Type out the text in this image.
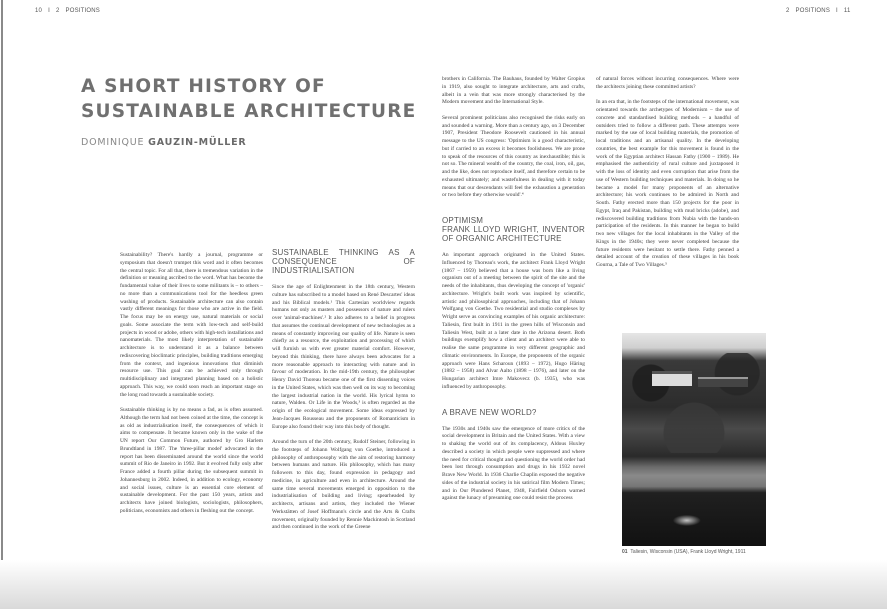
10 I 2 POSITIONS	2 POSITIONS I 11
A SHORT HISTORY OF
SUSTAINABLE ARCHITECTURE
DOMINIQUE GAUZIN-MÜLLER

Sustainability? There's hardly a journal, programme or symposium that doesn't trumpet this word and it often becomes the central topic. For all that, there is tremendous variation in the definition or meaning ascribed to the word. What has become the fundamental value of their lives to some militants is – to others – no more than a communications tool for the heedless green washing of products. Sustainable architecture can also contain vastly different meanings for those who are active in the field. The focus may be on energy use, natural materials or social goals. Some associate the term with low-tech and self-build projects in wood or adobe, others with high-tech installations and nanomaterials. The most likely interpretation of sustainable architecture is to understand it as a balance between rediscovering bioclimatic principles, building traditions emerging from the context, and ingenious innovations that diminish resource use. This goal can be achieved only through multidisciplinary and integrated planning based on a holistic approach. This way, we could soon reach an important stage on the long road towards a sustainable society.

Sustainable thinking is by no means a fad, as is often assumed. Although the term had not been coined at the time, the concept is as old as industrialisation itself, the consequences of which it aims to compensate. It became known only in the wake of the UN report Our Common Future, authored by Gro Harlem Brundtland in 1987. The 'three-pillar model' advocated in the report has been disseminated around the world since the world summit of Rio de Janeiro in 1992. But it evolved fully only after France added a fourth pillar during the subsequent summit in Johannesburg in 2002. Indeed, in addition to ecology, economy and social issues, culture is an essential core element of sustainable development. For the past 150 years, artists and architects have joined biologists, sociologists, philosophers, politicians, economists and others in fleshing out the concept.

SUSTAINABLE THINKING AS A CONSEQUENCE OF INDUSTRIALISATION

Since the age of Enlightenment in the 18th century, Western culture has subscribed to a model based on René Descartes' ideas and his Biblical models.¹ This Cartesian worldview regards humans not only as masters and possessors of nature and rulers over 'animal-machines'.² It also adheres to a belief in progress that assumes the continual development of new technologies as a means of constantly improving our quality of life. Nature is seen chiefly as a resource, the exploitation and processing of which will furnish us with ever greater material comfort. However, beyond this thinking, there have always been advocates for a more reasonable approach to interacting with nature and in favour of moderation. In the mid-19th century, the philosopher Henry David Thoreau became one of the first dissenting voices in the United States, which was then well on its way to becoming the largest industrial nation in the world. His lyrical hymn to nature, Walden. Or Life in the Woods,³ is often regarded as the origin of the ecological movement. Some ideas expressed by Jean-Jacques Rousseau and the proponents of Romanticism in Europe also found their way into this body of thought.

Around the turn of the 20th century, Rudolf Steiner, following in the footsteps of Johann Wolfgang von Goethe, introduced a philosophy of anthroposophy with the aim of restoring harmony between humans and nature. His philosophy, which has many followers to this day, found expression in pedagogy and medicine, in agriculture and even in architecture. Around the same time several movements emerged in opposition to the industrialisation of building and living; spearheaded by architects, artisans and artists, they included the Wiener Werkstätten of Josef Hoffmann's circle and the Arts & Crafts movement, originally founded by Rennie Mackintosh in Scotland and then continued in the work of the Greene

brothers in California. The Bauhaus, founded by Walter Gropius in 1919, also sought to integrate architecture, arts and crafts, albeit in a vein that was more strongly characterised by the Modern movement and the International Style.

Several prominent politicians also recognised the risks early on and sounded a warning. More than a century ago, on 3 December 1907, President Theodore Roosevelt cautioned in his annual message to the US congress: 'Optimism is a good characteristic, but if carried to an excess it becomes foolishness. We are prone to speak of the resources of this country as inexhaustible; this is not so. The mineral wealth of the country, the coal, iron, oil, gas, and the like, does not reproduce itself, and therefore certain to be exhausted ultimately; and wastefulness in dealing with it today means that our descendants will feel the exhaustion a generation or two before they otherwise would'.⁴

OPTIMISM
FRANK LLOYD WRIGHT, INVENTOR OF ORGANIC ARCHITECTURE

An important approach originated in the United States. Influenced by Thoreau's work, the architect Frank Lloyd Wright (1867 – 1959) believed that a house was born like a living organism out of a meeting between the spirit of the site and the needs of the inhabitants, thus developing the concept of 'organic' architecture. Wright's built work was inspired by scientific, artistic and philosophical approaches, including that of Johann Wolfgang von Goethe. Two residential and studio complexes by Wright serve as convincing examples of his organic architecture: Taliesin, first built in 1911 in the green hills of Wisconsin and Taliesin West, built at a later date in the Arizona desert. Both buildings exemplify how a client and an architect were able to realise the same programme in very different geographic and climatic environments. In Europe, the proponents of the organic approach were Hans Scharoun (1893 – 1972), Hugo Häring (1882 – 1958) and Alvar Aalto (1898 – 1976), and later on the Hungarian architect Imre Makovecz (b. 1935), who was influenced by anthroposophy.

A BRAVE NEW WORLD?

The 1930s and 1940s saw the emergence of more critics of the social development in Britain and the United States. With a view to shaking the world out of its complacency, Aldous Huxley described a society in which people were suppressed and where the need for critical thought and questioning the world order had been lost through consumption and drugs in his 1932 novel Brave New World. In 1936 Charlie Chaplin exposed the negative sides of the industrial society in his satirical film Modern Times; and in Our Plundered Planet, 1948, Fairfield Osborn warned against the lunacy of presuming one could resist the process

of natural forces without incurring consequences. Where were the architects joining these committed artists?

In an era that, in the footsteps of the international movement, was orientated towards the archetypes of Modernism – the use of concrete and standardised building methods – a handful of outsiders tried to follow a different path. These attempts were marked by the use of local building materials, the promotion of local traditions and an artisanal quality. In the developing countries, the best example for this movement is found in the work of the Egyptian architect Hassan Fathy (1900 – 1989). He emphasised the authenticity of rural culture and juxtaposed it with the loss of identity and even corruption that arise from the use of Western building techniques and materials. In doing so he became a model for many proponents of an alternative architecture; his work continues to be admired in North and South. Fathy erected more than 150 projects for the poor in Egypt, Iraq and Pakistan, building with mud bricks (adobe), and rediscovered building traditions from Nubia with the hands-on participation of the residents. In this manner he began to build two new villages for the local inhabitants in the Valley of the Kings in the 1940s; they were never completed because the future residents were hesitant to settle there. Fathy penned a detailed account of the creation of these villages in his book Gourna, a Tale of Two Villages.⁵

01 Taliesin, Wisconsin (USA), Frank Lloyd Wright, 1911
